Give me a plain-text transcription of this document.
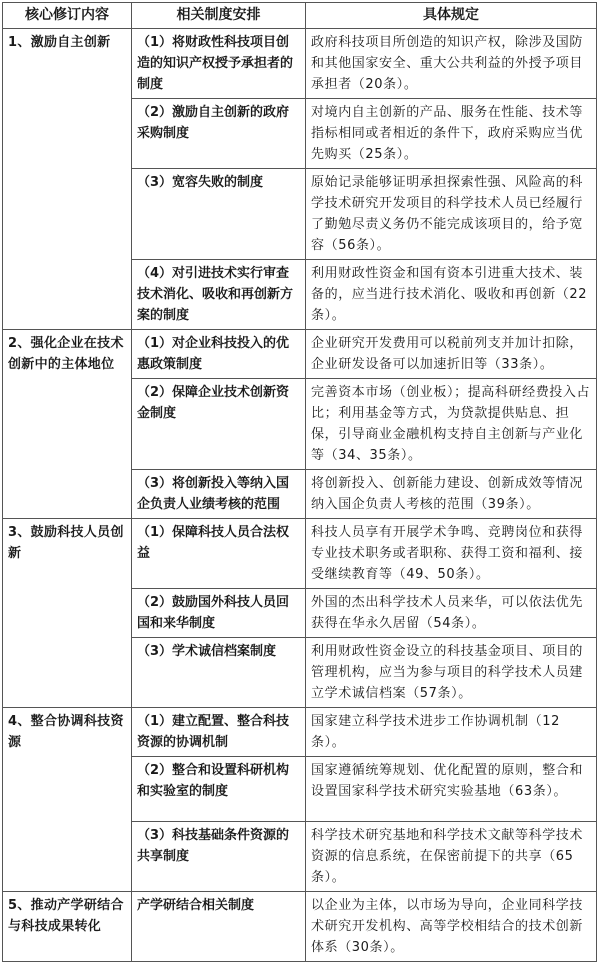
核心修订内容	相关制度安排	具体规定
1、激励自主创新	（1）将财政性科技项目创造的知识产权授予承担者的制度	政府科技项目所创造的知识产权，除涉及国防和其他国家安全、重大公共利益的外授予项目承担者（20条）。
	（2）激励自主创新的政府采购制度	对境内自主创新的产品、服务在性能、技术等指标相同或者相近的条件下，政府采购应当优先购买（25条）。
	（3）宽容失败的制度	原始记录能够证明承担探索性强、风险高的科学技术研究开发项目的科学技术人员已经履行了勤勉尽责义务仍不能完成该项目的，给予宽容（56条）。
	（4）对引进技术实行审查技术消化、吸收和再创新方案的制度	利用财政性资金和国有资本引进重大技术、装备的，应当进行技术消化、吸收和再创新（22条）。
2、强化企业在技术创新中的主体地位	（1）对企业科技投入的优惠政策制度	企业研究开发费用可以税前列支并加计扣除，企业研发设备可以加速折旧等（33条）。
	（2）保障企业技术创新资金制度	完善资本市场（创业板）；提高科研经费投入占比；利用基金等方式，为贷款提供贴息、担保，引导商业金融机构支持自主创新与产业化等（34、35条）。
	（3）将创新投入等纳入国企负责人业绩考核的范围	将创新投入、创新能力建设、创新成效等情况纳入国企负责人考核的范围（39条）。
3、鼓励科技人员创新	（1）保障科技人员合法权益	科技人员享有开展学术争鸣、竞聘岗位和获得专业技术职务或者职称、获得工资和福利、接受继续教育等（49、50条）。
	（2）鼓励国外科技人员回国和来华制度	外国的杰出科学技术人员来华，可以依法优先获得在华永久居留（54条）。
	（3）学术诚信档案制度	利用财政性资金设立的科技基金项目、项目的管理机构，应当为参与项目的科学技术人员建立学术诚信档案（57条）。
4、整合协调科技资源	（1）建立配置、整合科技资源的协调机制	国家建立科学技术进步工作协调机制（12条）。
	（2）整合和设置科研机构和实验室的制度	国家遵循统筹规划、优化配置的原则，整合和设置国家科学技术研究实验基地（63条）。
	（3）科技基础条件资源的共享制度	科学技术研究基地和科学技术文献等科学技术资源的信息系统，在保密前提下的共享（65条）。
5、推动产学研结合与科技成果转化	产学研结合相关制度	以企业为主体，以市场为导向，企业同科学技术研究开发机构、高等学校相结合的技术创新体系（30条）。
